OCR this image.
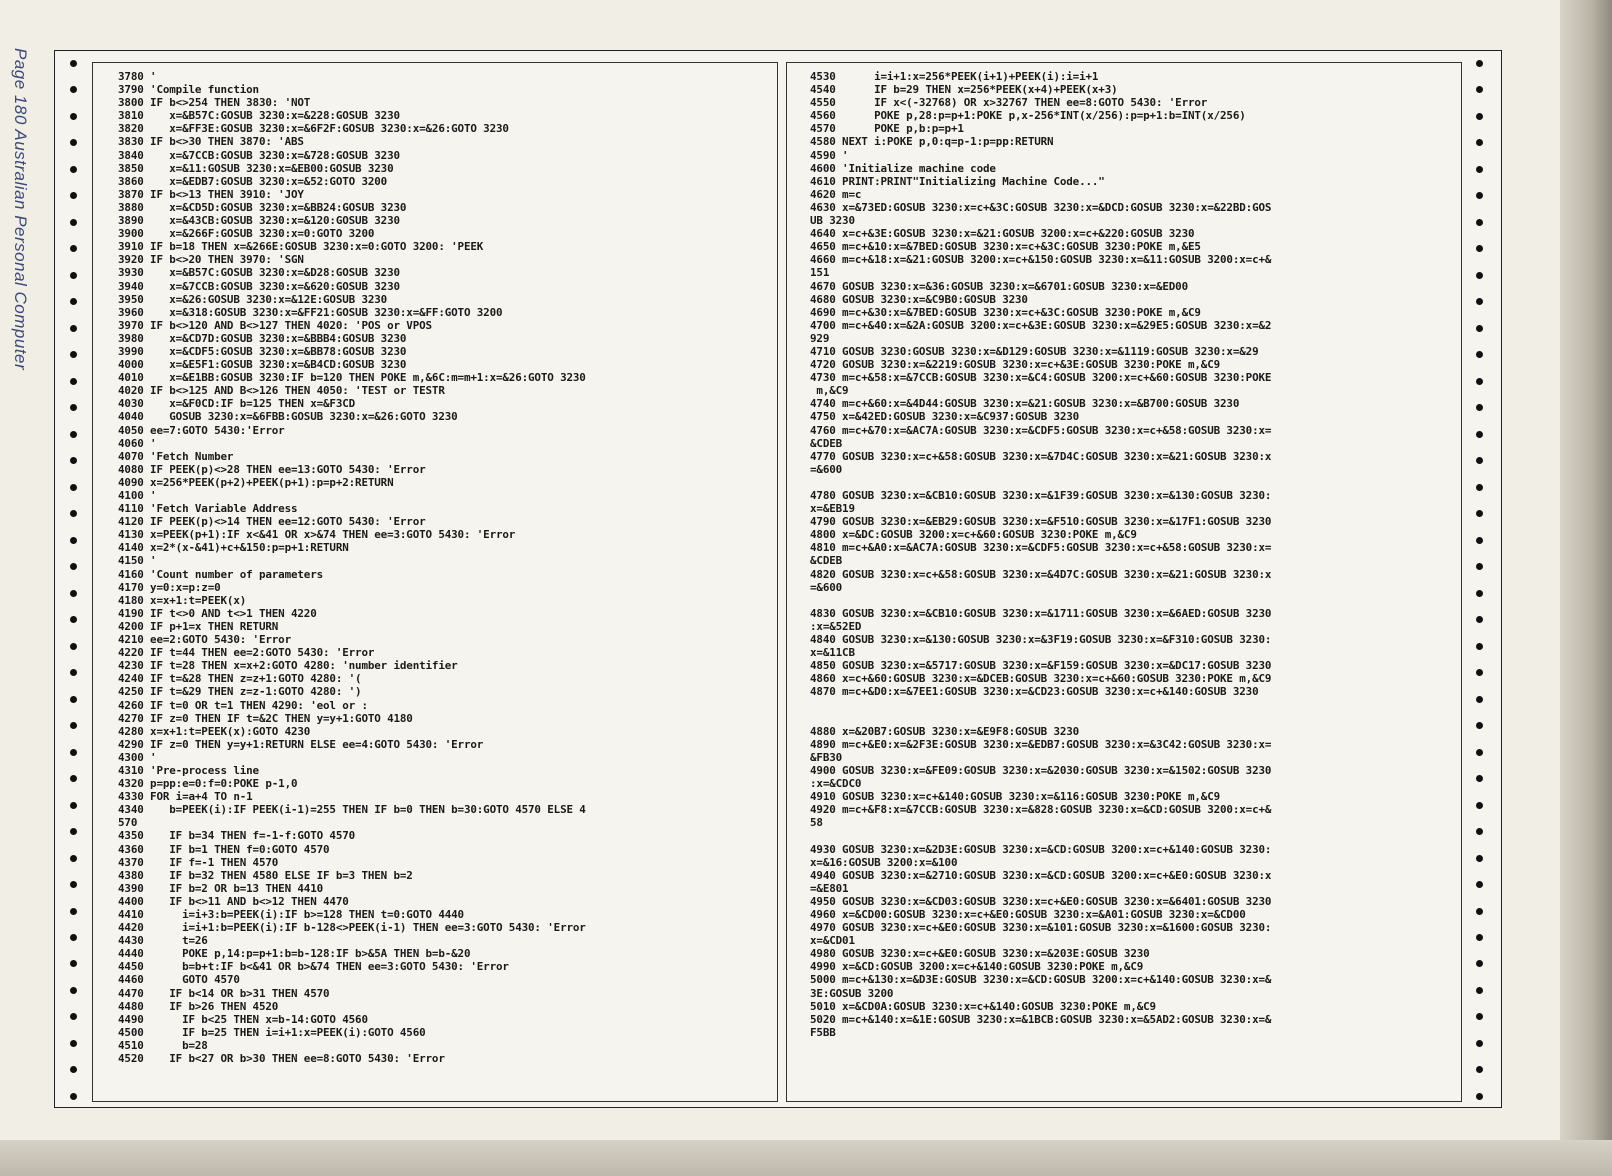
Page 180 Australian Personal Computer	3780 '
3790 'Compile function
3800 IF b<>254 THEN 3830: 'NOT
3810    x=&B57C:GOSUB 3230:x=&228:GOSUB 3230
3820    x=&FF3E:GOSUB 3230:x=&6F2F:GOSUB 3230:x=&26:GOTO 3230
3830 IF b<>30 THEN 3870: 'ABS
3840    x=&7CCB:GOSUB 3230:x=&728:GOSUB 3230
3850    x=&11:GOSUB 3230:x=&EB00:GOSUB 3230
3860    x=&EDB7:GOSUB 3230:x=&52:GOTO 3200
3870 IF b<>13 THEN 3910: 'JOY
3880    x=&CD5D:GOSUB 3230:x=&BB24:GOSUB 3230
3890    x=&43CB:GOSUB 3230:x=&120:GOSUB 3230
3900    x=&266F:GOSUB 3230:x=0:GOTO 3200
3910 IF b=18 THEN x=&266E:GOSUB 3230:x=0:GOTO 3200: 'PEEK
3920 IF b<>20 THEN 3970: 'SGN
3930    x=&B57C:GOSUB 3230:x=&D28:GOSUB 3230
3940    x=&7CCB:GOSUB 3230:x=&620:GOSUB 3230
3950    x=&26:GOSUB 3230:x=&12E:GOSUB 3230
3960    x=&318:GOSUB 3230:x=&FF21:GOSUB 3230:x=&FF:GOTO 3200
3970 IF b<>120 AND B<>127 THEN 4020: 'POS or VPOS
3980    x=&CD7D:GOSUB 3230:x=&BBB4:GOSUB 3230
3990    x=&CDF5:GOSUB 3230:x=&BB78:GOSUB 3230
4000    x=&E5F1:GOSUB 3230:x=&B4CD:GOSUB 3230
4010    x=&E1BB:GOSUB 3230:IF b=120 THEN POKE m,&6C:m=m+1:x=&26:GOTO 3230
4020 IF b<>125 AND B<>126 THEN 4050: 'TEST or TESTR
4030    x=&F0CD:IF b=125 THEN x=&F3CD
4040    GOSUB 3230:x=&6FBB:GOSUB 3230:x=&26:GOTO 3230
4050 ee=7:GOTO 5430:'Error
4060 '
4070 'Fetch Number
4080 IF PEEK(p)<>28 THEN ee=13:GOTO 5430: 'Error
4090 x=256*PEEK(p+2)+PEEK(p+1):p=p+2:RETURN
4100 '
4110 'Fetch Variable Address
4120 IF PEEK(p)<>14 THEN ee=12:GOTO 5430: 'Error
4130 x=PEEK(p+1):IF x<&41 OR x>&74 THEN ee=3:GOTO 5430: 'Error
4140 x=2*(x-&41)+c+&150:p=p+1:RETURN
4150 '
4160 'Count number of parameters
4170 y=0:x=p:z=0
4180 x=x+1:t=PEEK(x)
4190 IF t<>0 AND t<>1 THEN 4220
4200 IF p+1=x THEN RETURN
4210 ee=2:GOTO 5430: 'Error
4220 IF t=44 THEN ee=2:GOTO 5430: 'Error
4230 IF t=28 THEN x=x+2:GOTO 4280: 'number identifier
4240 IF t=&28 THEN z=z+1:GOTO 4280: '(
4250 IF t=&29 THEN z=z-1:GOTO 4280: ')
4260 IF t=0 OR t=1 THEN 4290: 'eol or :
4270 IF z=0 THEN IF t=&2C THEN y=y+1:GOTO 4180
4280 x=x+1:t=PEEK(x):GOTO 4230
4290 IF z=0 THEN y=y+1:RETURN ELSE ee=4:GOTO 5430: 'Error
4300 '
4310 'Pre-process line
4320 p=pp:e=0:f=0:POKE p-1,0
4330 FOR i=a+4 TO n-1
4340    b=PEEK(i):IF PEEK(i-1)=255 THEN IF b=0 THEN b=30:GOTO 4570 ELSE 4
570
4350    IF b=34 THEN f=-1-f:GOTO 4570
4360    IF b=1 THEN f=0:GOTO 4570
4370    IF f=-1 THEN 4570
4380    IF b=32 THEN 4580 ELSE IF b=3 THEN b=2
4390    IF b=2 OR b=13 THEN 4410
4400    IF b<>11 AND b<>12 THEN 4470
4410      i=i+3:b=PEEK(i):IF b>=128 THEN t=0:GOTO 4440
4420      i=i+1:b=PEEK(i):IF b-128<>PEEK(i-1) THEN ee=3:GOTO 5430: 'Error
4430      t=26
4440      POKE p,14:p=p+1:b=b-128:IF b>&5A THEN b=b-&20
4450      b=b+t:IF b<&41 OR b>&74 THEN ee=3:GOTO 5430: 'Error
4460      GOTO 4570
4470    IF b<14 OR b>31 THEN 4570
4480    IF b>26 THEN 4520
4490      IF b<25 THEN x=b-14:GOTO 4560
4500      IF b=25 THEN i=i+1:x=PEEK(i):GOTO 4560
4510      b=28
4520    IF b<27 OR b>30 THEN ee=8:GOTO 5430: 'Error
4530      i=i+1:x=256*PEEK(i+1)+PEEK(i):i=i+1
4540      IF b=29 THEN x=256*PEEK(x+4)+PEEK(x+3)
4550      IF x<(-32768) OR x>32767 THEN ee=8:GOTO 5430: 'Error
4560      POKE p,28:p=p+1:POKE p,x-256*INT(x/256):p=p+1:b=INT(x/256)
4570      POKE p,b:p=p+1
4580 NEXT i:POKE p,0:q=p-1:p=pp:RETURN
4590 '
4600 'Initialize machine code
4610 PRINT:PRINT"Initializing Machine Code..."
4620 m=c
4630 x=&73ED:GOSUB 3230:x=c+&3C:GOSUB 3230:x=&DCD:GOSUB 3230:x=&22BD:GOS
UB 3230
4640 x=c+&3E:GOSUB 3230:x=&21:GOSUB 3200:x=c+&220:GOSUB 3230
4650 m=c+&10:x=&7BED:GOSUB 3230:x=c+&3C:GOSUB 3230:POKE m,&E5
4660 m=c+&18:x=&21:GOSUB 3200:x=c+&150:GOSUB 3230:x=&11:GOSUB 3200:x=c+&
151
4670 GOSUB 3230:x=&36:GOSUB 3230:x=&6701:GOSUB 3230:x=&ED00
4680 GOSUB 3230:x=&C9B0:GOSUB 3230
4690 m=c+&30:x=&7BED:GOSUB 3230:x=c+&3C:GOSUB 3230:POKE m,&C9
4700 m=c+&40:x=&2A:GOSUB 3200:x=c+&3E:GOSUB 3230:x=&29E5:GOSUB 3230:x=&2
929
4710 GOSUB 3230:GOSUB 3230:x=&D129:GOSUB 3230:x=&1119:GOSUB 3230:x=&29
4720 GOSUB 3230:x=&2219:GOSUB 3230:x=c+&3E:GOSUB 3230:POKE m,&C9
4730 m=c+&58:x=&7CCB:GOSUB 3230:x=&C4:GOSUB 3200:x=c+&60:GOSUB 3230:POKE
m,&C9
4740 m=c+&60:x=&4D44:GOSUB 3230:x=&21:GOSUB 3230:x=&B700:GOSUB 3230
4750 x=&42ED:GOSUB 3230:x=&C937:GOSUB 3230
4760 m=c+&70:x=&AC7A:GOSUB 3230:x=&CDF5:GOSUB 3230:x=c+&58:GOSUB 3230:x=
&CDEB
4770 GOSUB 3230:x=c+&58:GOSUB 3230:x=&7D4C:GOSUB 3230:x=&21:GOSUB 3230:x
=&600
4780 GOSUB 3230:x=&CB10:GOSUB 3230:x=&1F39:GOSUB 3230:x=&130:GOSUB 3230:
x=&EB19
4790 GOSUB 3230:x=&EB29:GOSUB 3230:x=&F510:GOSUB 3230:x=&17F1:GOSUB 3230
4800 x=&DC:GOSUB 3200:x=c+&60:GOSUB 3230:POKE m,&C9
4810 m=c+&A0:x=&AC7A:GOSUB 3230:x=&CDF5:GOSUB 3230:x=c+&58:GOSUB 3230:x=
&CDEB
4820 GOSUB 3230:x=c+&58:GOSUB 3230:x=&4D7C:GOSUB 3230:x=&21:GOSUB 3230:x
=&600
4830 GOSUB 3230:x=&CB10:GOSUB 3230:x=&1711:GOSUB 3230:x=&6AED:GOSUB 3230
:x=&52ED
4840 GOSUB 3230:x=&130:GOSUB 3230:x=&3F19:GOSUB 3230:x=&F310:GOSUB 3230:
x=&11CB
4850 GOSUB 3230:x=&5717:GOSUB 3230:x=&F159:GOSUB 3230:x=&DC17:GOSUB 3230
4860 x=c+&60:GOSUB 3230:x=&DCEB:GOSUB 3230:x=c+&60:GOSUB 3230:POKE m,&C9
4870 m=c+&D0:x=&7EE1:GOSUB 3230:x=&CD23:GOSUB 3230:x=c+&140:GOSUB 3230
4880 x=&20B7:GOSUB 3230:x=&E9F8:GOSUB 3230
4890 m=c+&E0:x=&2F3E:GOSUB 3230:x=&EDB7:GOSUB 3230:x=&3C42:GOSUB 3230:x=
&FB30
4900 GOSUB 3230:x=&FE09:GOSUB 3230:x=&2030:GOSUB 3230:x=&1502:GOSUB 3230
:x=&CDC0
4910 GOSUB 3230:x=c+&140:GOSUB 3230:x=&116:GOSUB 3230:POKE m,&C9
4920 m=c+&F8:x=&7CCB:GOSUB 3230:x=&828:GOSUB 3230:x=&CD:GOSUB 3200:x=c+&
58
4930 GOSUB 3230:x=&2D3E:GOSUB 3230:x=&CD:GOSUB 3200:x=c+&140:GOSUB 3230:
x=&16:GOSUB 3200:x=&100
4940 GOSUB 3230:x=&2710:GOSUB 3230:x=&CD:GOSUB 3200:x=c+&E0:GOSUB 3230:x
=&E801
4950 GOSUB 3230:x=&CD03:GOSUB 3230:x=c+&E0:GOSUB 3230:x=&6401:GOSUB 3230
4960 x=&CD00:GOSUB 3230:x=c+&E0:GOSUB 3230:x=&A01:GOSUB 3230:x=&CD00
4970 GOSUB 3230:x=c+&E0:GOSUB 3230:x=&101:GOSUB 3230:x=&1600:GOSUB 3230:
x=&CD01
4980 GOSUB 3230:x=c+&E0:GOSUB 3230:x=&203E:GOSUB 3230
4990 x=&CD:GOSUB 3200:x=c+&140:GOSUB 3230:POKE m,&C9
5000 m=c+&130:x=&D3E:GOSUB 3230:x=&CD:GOSUB 3200:x=c+&140:GOSUB 3230:x=&
3E:GOSUB 3200
5010 x=&CD0A:GOSUB 3230:x=c+&140:GOSUB 3230:POKE m,&C9
5020 m=c+&140:x=&1E:GOSUB 3230:x=&1BCB:GOSUB 3230:x=&5AD2:GOSUB 3230:x=&
F5BB
